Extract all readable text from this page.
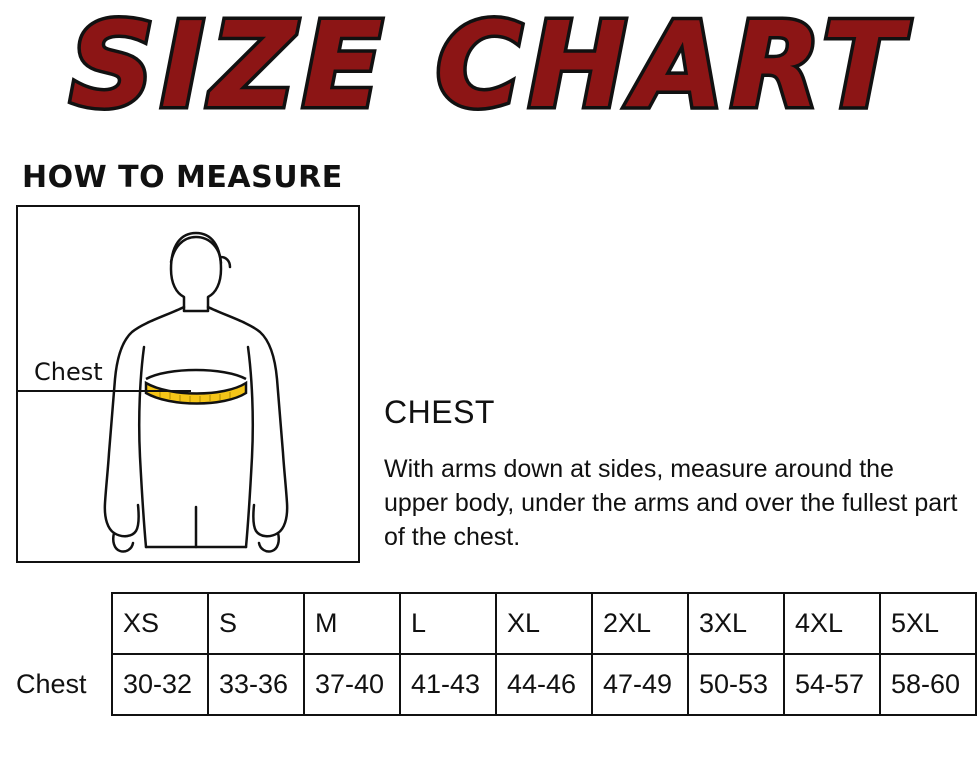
SIZE CHART
HOW TO MEASURE
Chest
CHEST
With arms down at sides, measure around the upper body, under the arms and over the fullest part of the chest.
	XS	S	M	L	XL	2XL	3XL	4XL	5XL
Chest	30-32	33-36	37-40	41-43	44-46	47-49	50-53	54-57	58-60
